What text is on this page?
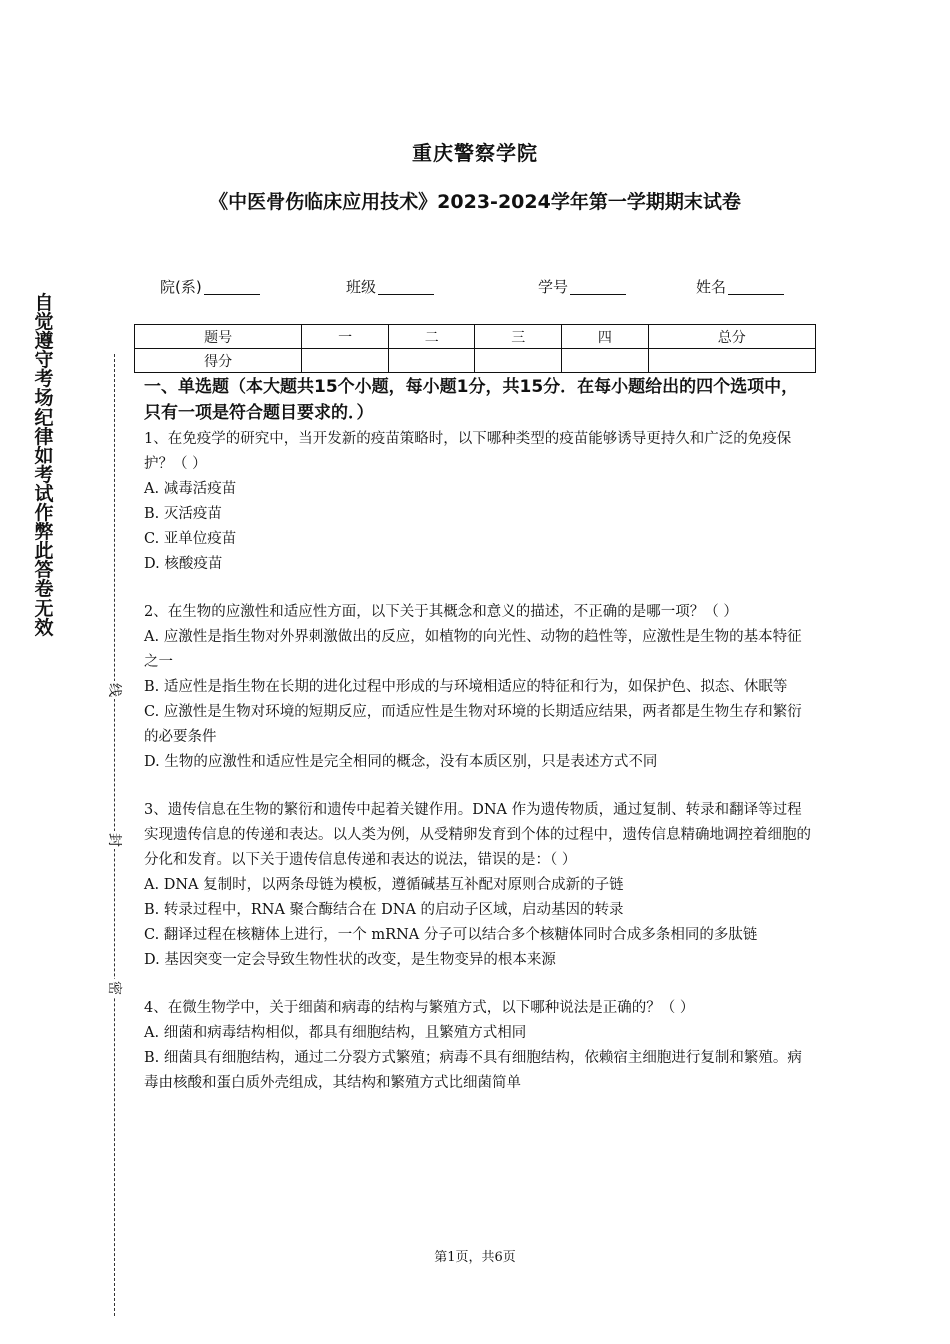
重庆警察学院
《中医骨伤临床应用技术》2023-2024学年第一学期期末试卷
院(系)	班级	学号	姓名
题号	一	二	三	四	总分
得分					
自觉遵守考场纪律如考试作弊此答卷无效
线
封
密
一、单选题（本大题共15个小题，每小题1分，共15分．在每小题给出的四个选项中，只有一项是符合题目要求的．）

1、在免疫学的研究中，当开发新的疫苗策略时，以下哪种类型的疫苗能够诱导更持久和广泛的免疫保护？（ ）

A. 减毒活疫苗

B. 灭活疫苗

C. 亚单位疫苗

D. 核酸疫苗

2、在生物的应激性和适应性方面，以下关于其概念和意义的描述，不正确的是哪一项？（ ）

A. 应激性是指生物对外界刺激做出的反应，如植物的向光性、动物的趋性等，应激性是生物的基本特征之一

B. 适应性是指生物在长期的进化过程中形成的与环境相适应的特征和行为，如保护色、拟态、休眠等

C. 应激性是生物对环境的短期反应，而适应性是生物对环境的长期适应结果，两者都是生物生存和繁衍的必要条件

D. 生物的应激性和适应性是完全相同的概念，没有本质区别，只是表述方式不同

3、遗传信息在生物的繁衍和遗传中起着关键作用。DNA 作为遗传物质，通过复制、转录和翻译等过程实现遗传信息的传递和表达。以人类为例，从受精卵发育到个体的过程中，遗传信息精确地调控着细胞的分化和发育。以下关于遗传信息传递和表达的说法，错误的是：（ ）

A. DNA 复制时，以两条母链为模板，遵循碱基互补配对原则合成新的子链

B. 转录过程中，RNA 聚合酶结合在 DNA 的启动子区域，启动基因的转录

C. 翻译过程在核糖体上进行，一个 mRNA 分子可以结合多个核糖体同时合成多条相同的多肽链

D. 基因突变一定会导致生物性状的改变，是生物变异的根本来源

4、在微生物学中，关于细菌和病毒的结构与繁殖方式，以下哪种说法是正确的？（ ）

A. 细菌和病毒结构相似，都具有细胞结构，且繁殖方式相同

B. 细菌具有细胞结构，通过二分裂方式繁殖；病毒不具有细胞结构，依赖宿主细胞进行复制和繁殖。病毒由核酸和蛋白质外壳组成，其结构和繁殖方式比细菌简单

第1页，共6页
